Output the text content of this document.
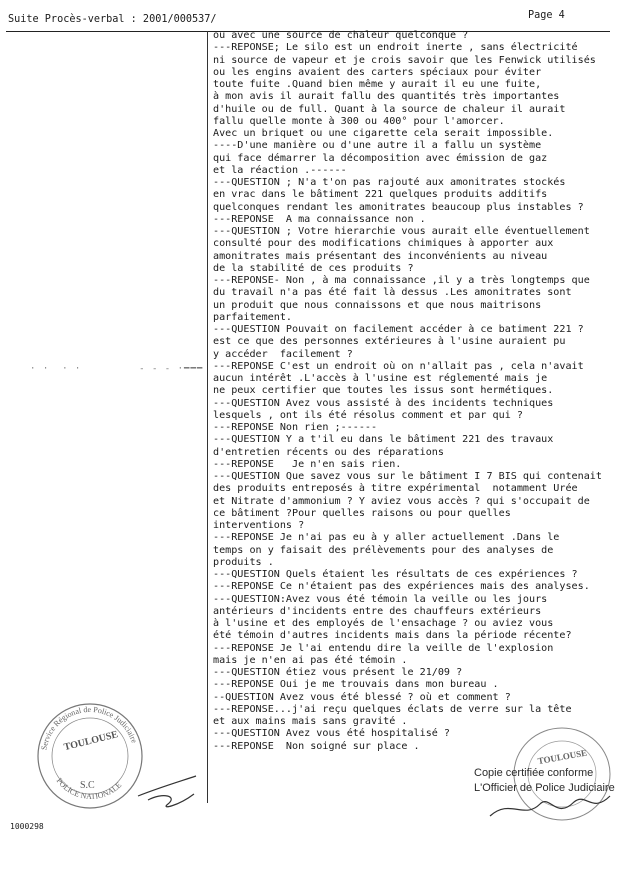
Suite Procès-verbal : 2001/000537/	Page 4
· ·  · ·         - - - ·━━━
ou avec une source de chaleur quelconque ?
---REPONSE; Le silo est un endroit inerte , sans électricité
ni source de vapeur et je crois savoir que les Fenwick utilisés
ou les engins avaient des carters spéciaux pour éviter
toute fuite .Quand bien même y aurait il eu une fuite,
à mon avis il aurait fallu des quantités très importantes
d'huile ou de full. Quant à la source de chaleur il aurait
fallu quelle monte à 300 ou 400° pour l'amorcer.
Avec un briquet ou une cigarette cela serait impossible.
----D'une manière ou d'une autre il a fallu un système
qui face démarrer la décomposition avec émission de gaz
et la réaction .------
---QUESTION ; N'a t'on pas rajouté aux amonitrates stockés
en vrac dans le bâtiment 221 quelques produits additifs
quelconques rendant les amonitrates beaucoup plus instables ?
---REPONSE  A ma connaissance non .
---QUESTION ; Votre hierarchie vous aurait elle éventuellement
consulté pour des modifications chimiques à apporter aux
amonitrates mais présentant des inconvénients au niveau
de la stabilité de ces produits ?
---REPONSE- Non , à ma connaissance ,il y a très longtemps que
du travail n'a pas été fait là dessus .Les amonitrates sont
un produit que nous connaissons et que nous maitrisons
parfaitement.
---QUESTION Pouvait on facilement accéder à ce batiment 221 ?
est ce que des personnes extérieures à l'usine auraient pu
y accéder  facilement ?
---REPONSE C'est un endroit où on n'allait pas , cela n'avait
aucun intérêt .L'accès à l'usine est réglementé mais je
ne peux certifier que toutes les issus sont hermétiques.
---QUESTION Avez vous assisté à des incidents techniques
lesquels , ont ils été résolus comment et par qui ?
---REPONSE Non rien ;------
---QUESTION Y a t'il eu dans le bâtiment 221 des travaux
d'entretien récents ou des réparations
---REPONSE   Je n'en sais rien.
---QUESTION Que savez vous sur le bâtiment I 7 BIS qui contenait
des produits entreposés à titre expérimental  notamment Urée
et Nitrate d'ammonium ? Y aviez vous accès ? qui s'occupait de
ce bâtiment ?Pour quelles raisons ou pour quelles
interventions ?
---REPONSE Je n'ai pas eu à y aller actuellement .Dans le
temps on y faisait des prélèvements pour des analyses de
produits .
---QUESTION Quels étaient les résultats de ces expériences ?
---REPONSE Ce n'étaient pas des expériences mais des analyses.
---QUESTION:Avez vous été témoin la veille ou les jours
antérieurs d'incidents entre des chauffeurs extérieurs
à l'usine et des employés de l'ensachage ? ou aviez vous
été témoin d'autres incidents mais dans la période récente?
---REPONSE Je l'ai entendu dire la veille de l'explosion
mais je n'en ai pas été témoin .
---QUESTION étiez vous présent le 21/09 ?
---REPONSE Oui je me trouvais dans mon bureau .
--QUESTION Avez vous été blessé ? où et comment ?
---REPONSE...j'ai reçu quelques éclats de verre sur la tête
et aux mains mais sans gravité .
---QUESTION Avez vous été hospitalisé ?
---REPONSE  Non soigné sur place .
Service Régional de Police Judiciaire
TOULOUSE
S.C
POLICE NATIONALE
TOULOUSE
Copie certifiée conforme
L'Officier de Police Judiciaire
1000298
